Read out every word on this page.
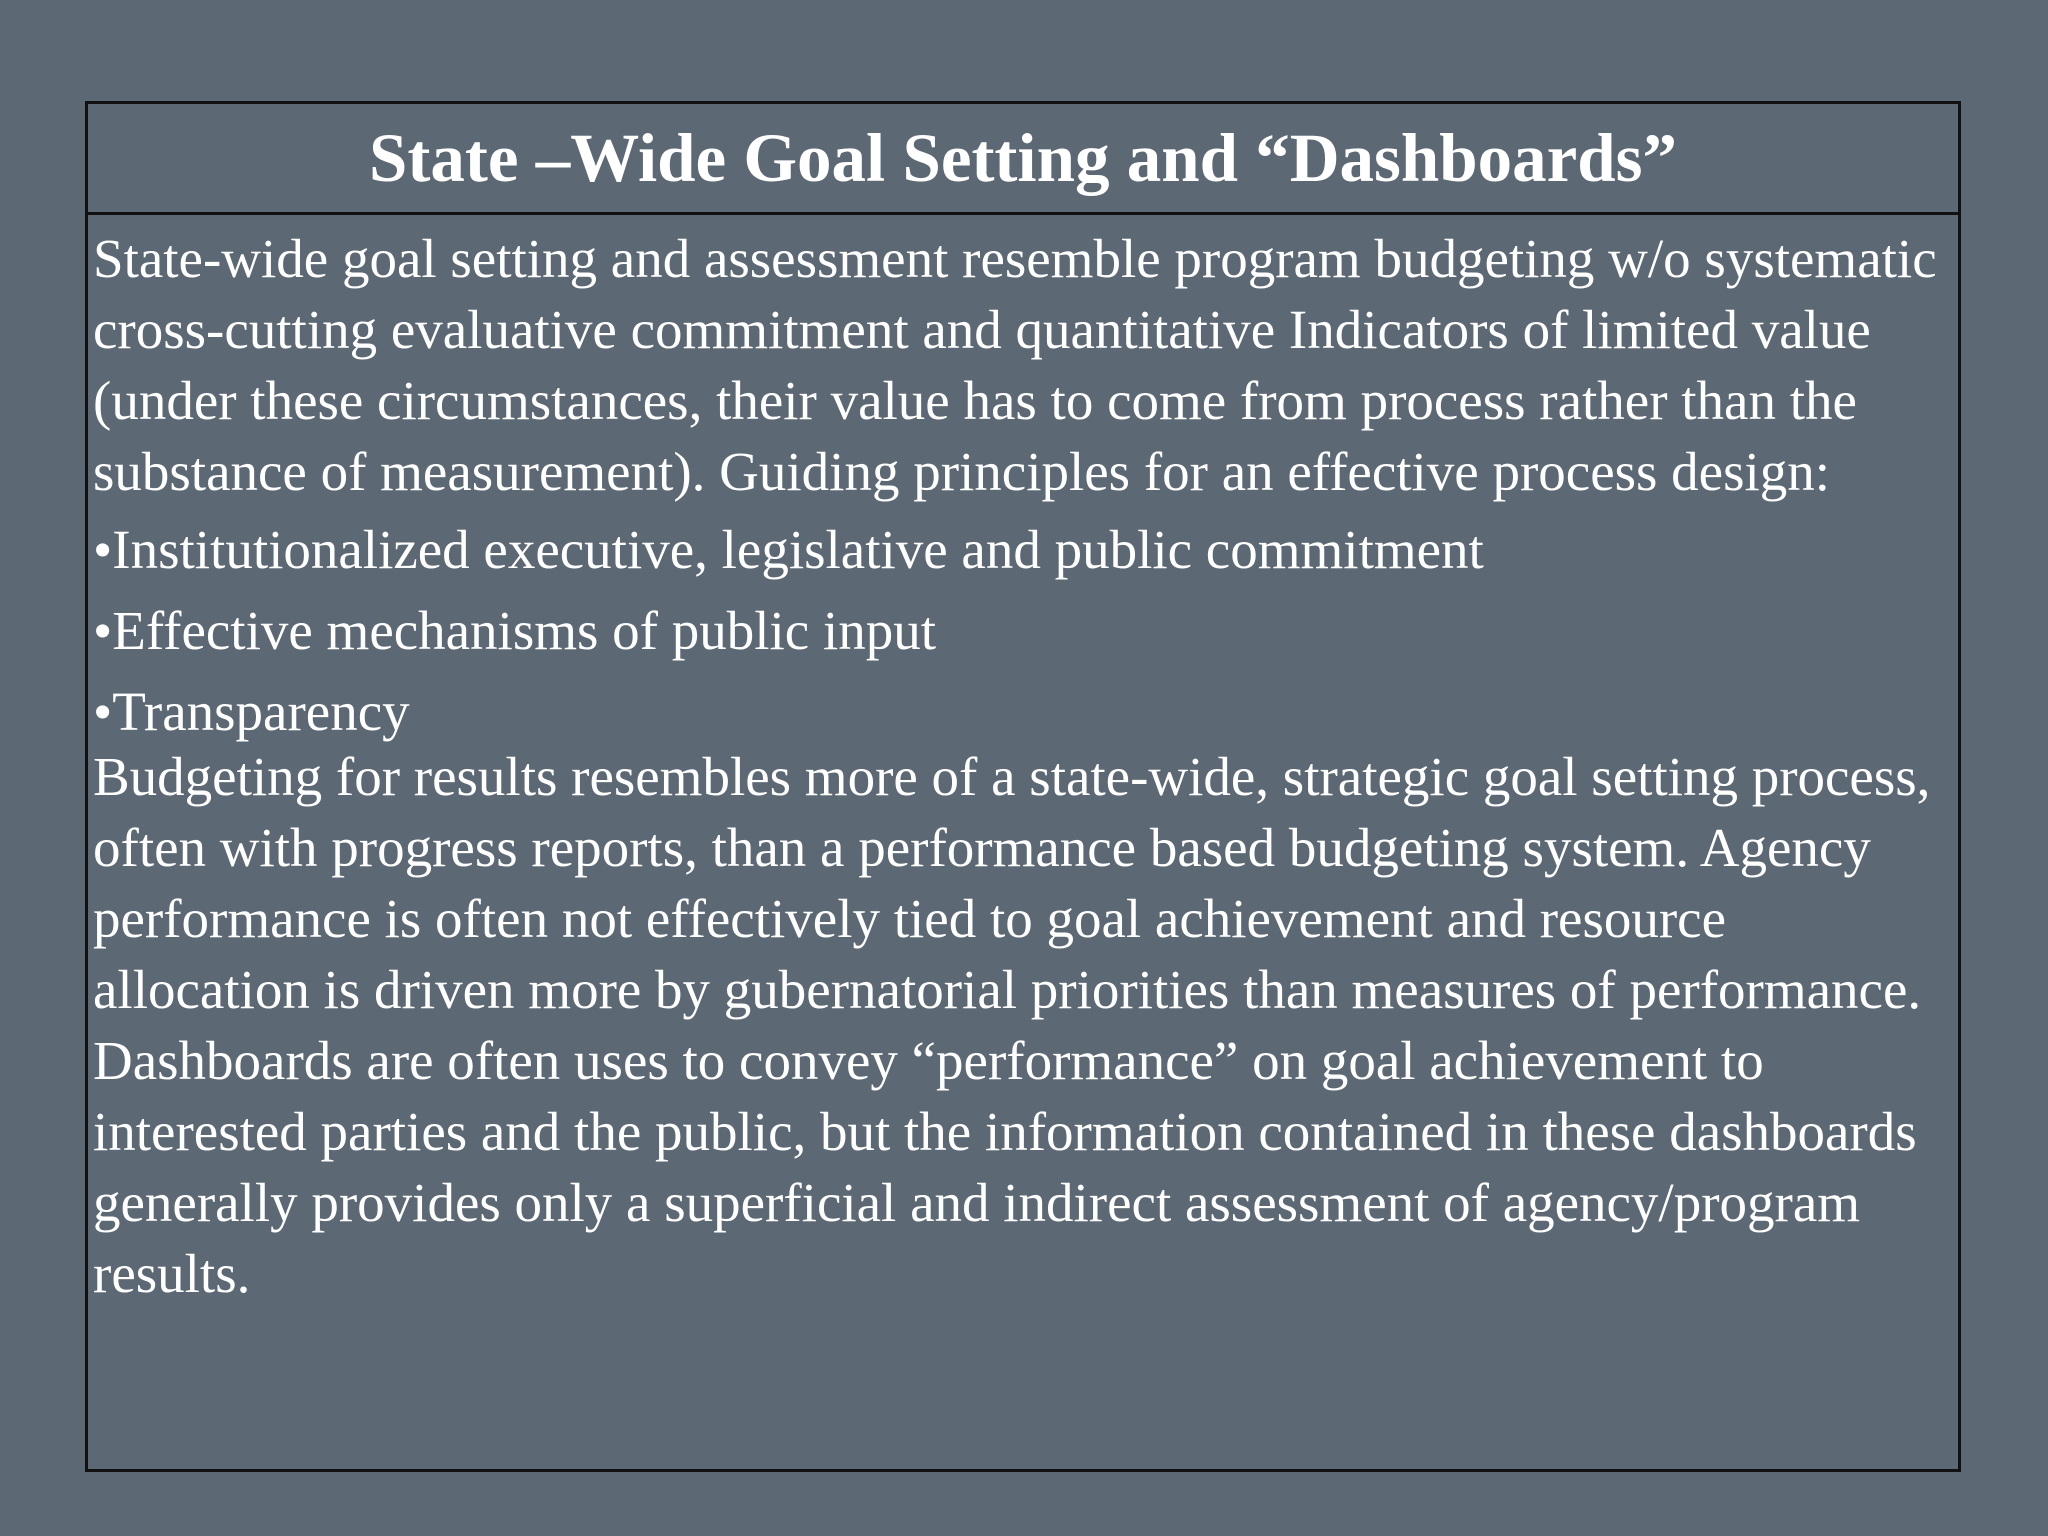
State –Wide Goal Setting and “Dashboards”

State-wide goal setting and assessment resemble program budgeting w/o systematic cross-cutting evaluative commitment and quantitative Indicators of limited value (under these circumstances, their value has to come from process rather than the substance of measurement). Guiding principles for an effective process design:

•Institutionalized executive, legislative and public commitment
•Effective mechanisms of public input
•Transparency

Budgeting for results resembles more of a state-wide, strategic goal setting process, often with progress reports, than a performance based budgeting system. Agency performance is often not effectively tied to goal achievement and resource allocation is driven more by gubernatorial priorities than measures of performance. Dashboards are often uses to convey “performance” on goal achievement to interested parties and the public, but the information contained in these dashboards generally provides only a superficial and indirect assessment of agency/program results.
